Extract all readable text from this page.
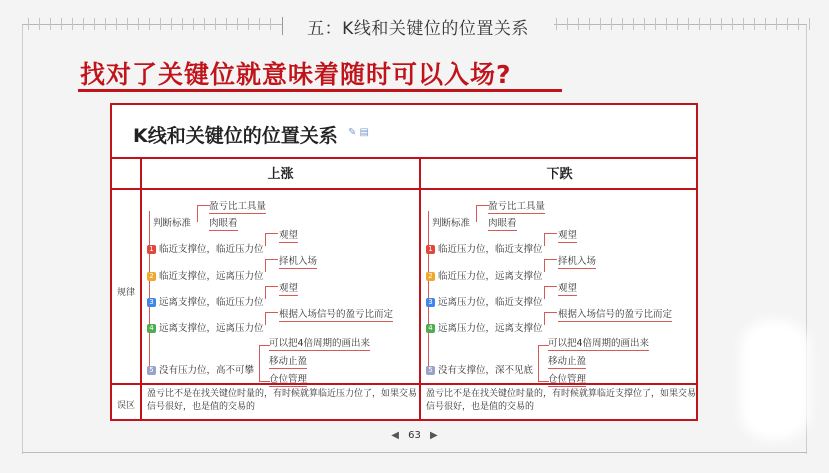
五：K线和关键位的位置关系
找对了关键位就意味着随时可以入场?
K线和关键位的位置关系 ✎ ▤
上涨	下跌
规律
误区
判断标准
盈亏比工具量
肉眼看
1 临近支撑位，临近压力位
观望
2 临近支撑位，远离压力位
择机入场
3 远离支撑位，临近压力位
观望
4 远离支撑位，远离压力位
根据入场信号的盈亏比而定
5 没有压力位，高不可攀
可以把4倍周期的画出来
移动止盈
仓位管理
盈亏比不是在找关键位时量的，有时候就算临近压力位了，如果交易信号很好，也是值的交易的
判断标准
盈亏比工具量
肉眼看
1 临近压力位，临近支撑位
观望
2 临近压力位，远离支撑位
择机入场
3 远离压力位，临近支撑位
观望
4 远离压力位，远离支撑位
根据入场信号的盈亏比而定
5 没有支撑位，深不见底
可以把4倍周期的画出来
移动止盈
仓位管理
盈亏比不是在找关键位时量的，有时候就算临近支撑位了，如果交易信号很好，也是值的交易的
◀ 63 ▶
